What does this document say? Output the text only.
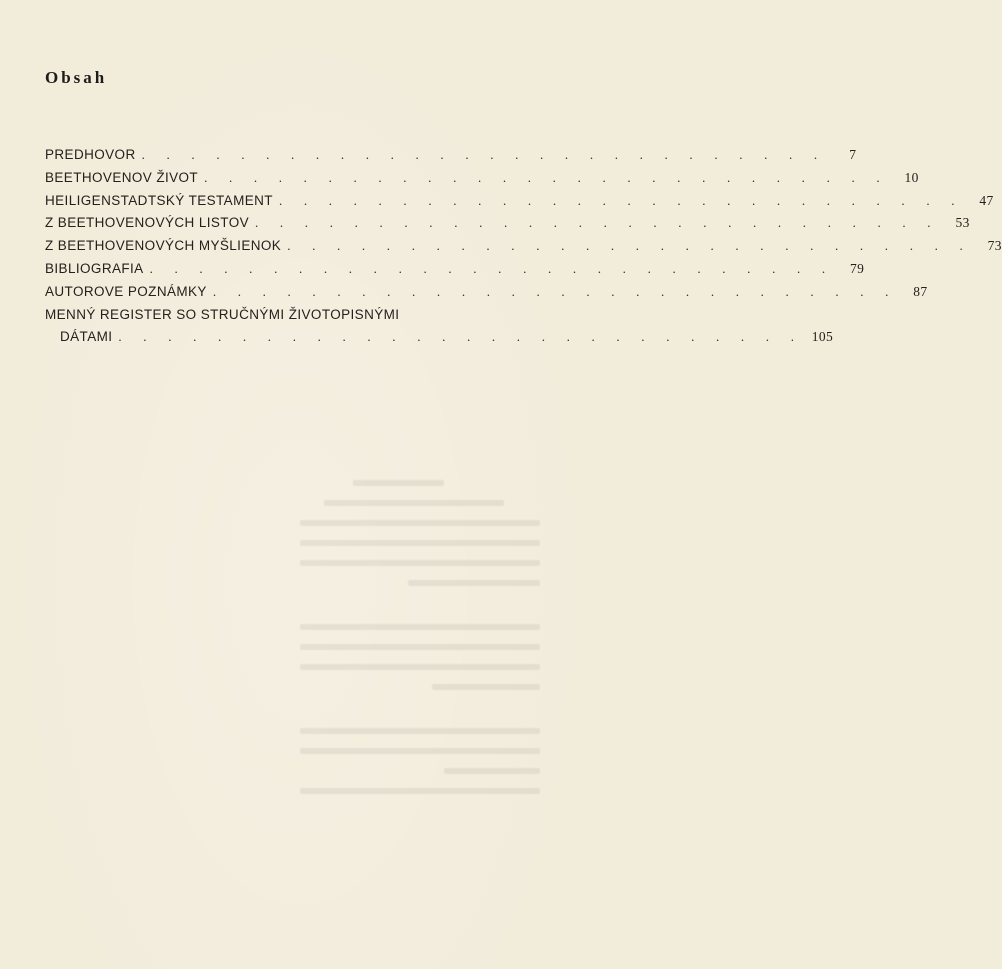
Obsah
PREDHOVOR . . . . . . . . . . . . . . . . . . . . . . . . . . . .	7
BEETHOVENOV ŽIVOT . . . . . . . . . . . . . . . . . . . . . . . . . . . .	10
HEILIGENSTADTSKÝ TESTAMENT . . . . . . . . . . . . . . . . . . . . . . . . . . . .	47
Z BEETHOVENOVÝCH LISTOV . . . . . . . . . . . . . . . . . . . . . . . . . . . .	53
Z BEETHOVENOVÝCH MYŠLIENOK . . . . . . . . . . . . . . . . . . . . . . . . . . . .	73
BIBLIOGRAFIA . . . . . . . . . . . . . . . . . . . . . . . . . . . .	79
AUTOROVE POZNÁMKY . . . . . . . . . . . . . . . . . . . . . . . . . . . .	87
MENNÝ REGISTER SO STRUČNÝMI ŽIVOTOPISNÝMI
DÁTAMI . . . . . . . . . . . . . . . . . . . . . . . . . . . . 105
